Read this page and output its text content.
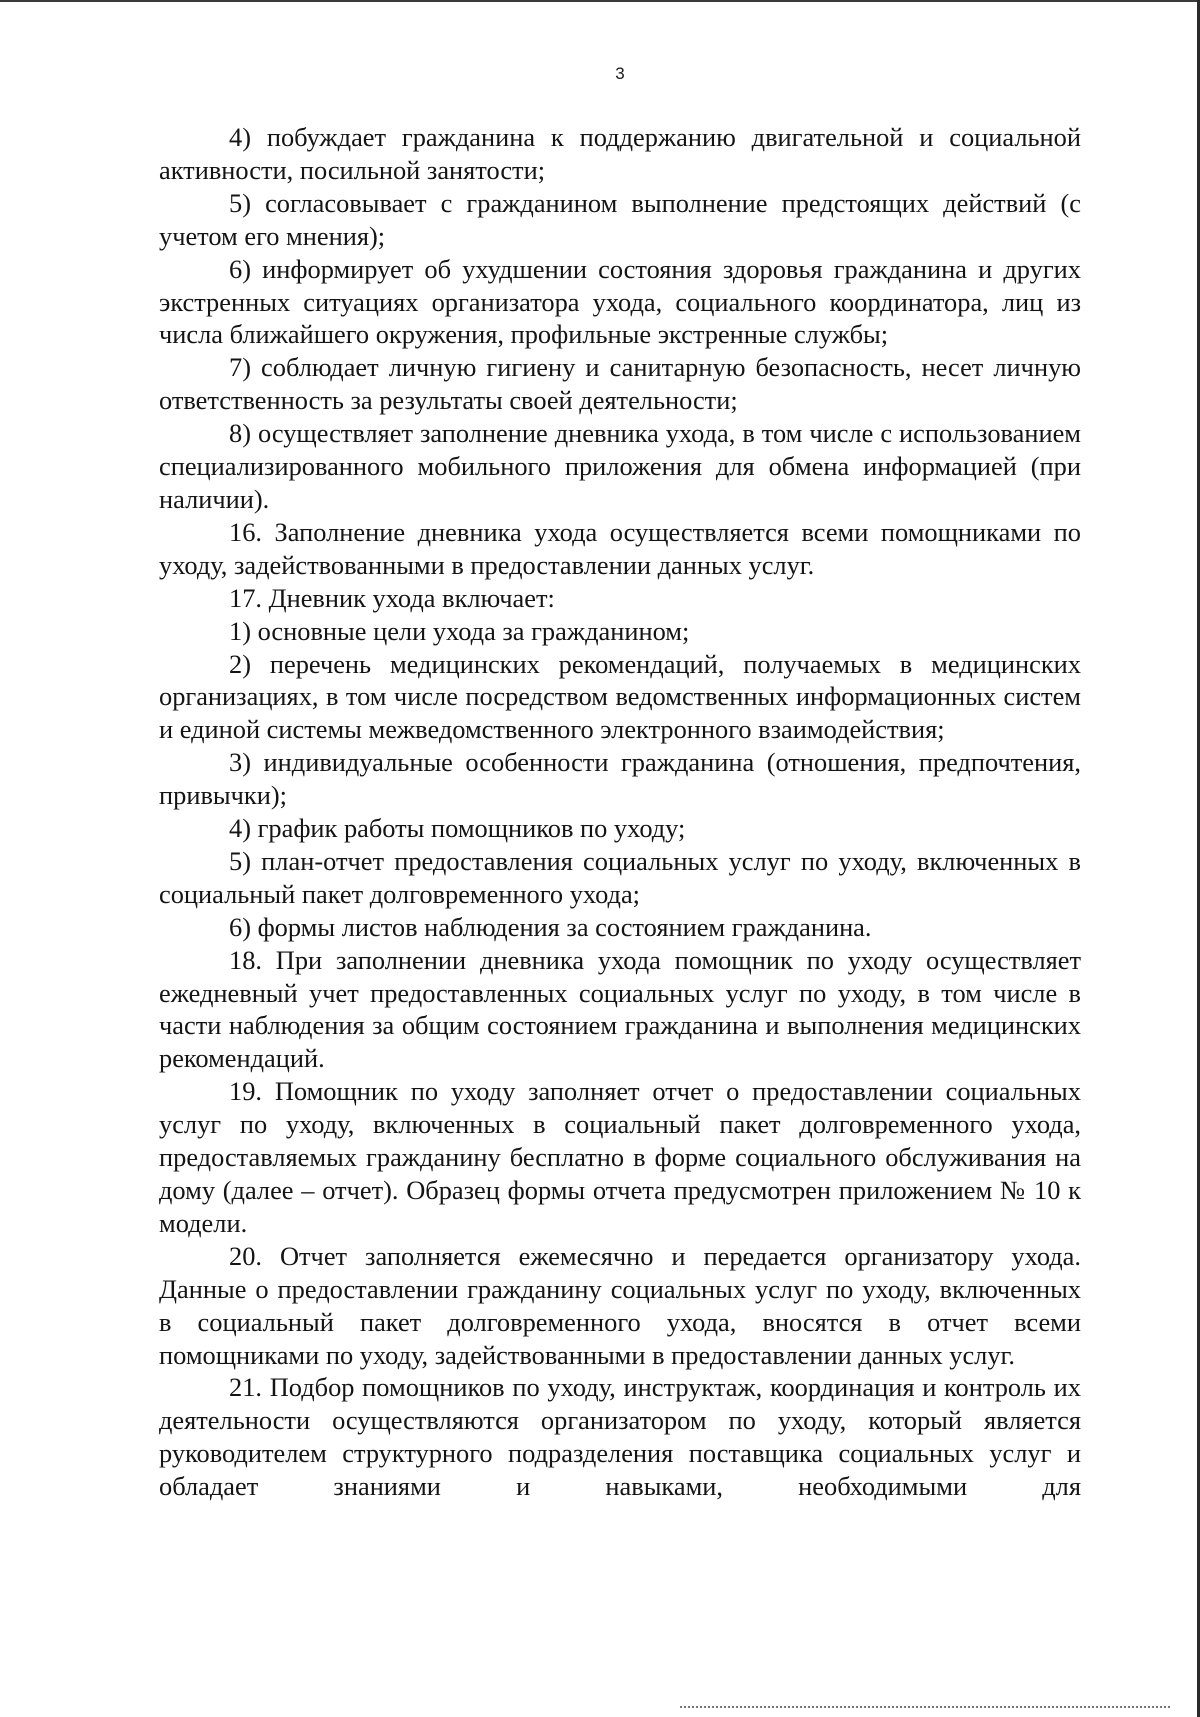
3

4) побуждает гражданина к поддержанию двигательной и социальной активности, посильной занятости;

5) согласовывает с гражданином выполнение предстоящих действий (с учетом его мнения);

6) информирует об ухудшении состояния здоровья гражданина и других экстренных ситуациях организатора ухода, социального координатора, лиц из числа ближайшего окружения, профильные экстренные службы;

7) соблюдает личную гигиену и санитарную безопасность, несет личную ответственность за результаты своей деятельности;

8) осуществляет заполнение дневника ухода, в том числе с использованием специализированного мобильного приложения для обмена информацией (при наличии).

16. Заполнение дневника ухода осуществляется всеми помощниками по уходу, задействованными в предоставлении данных услуг.

17. Дневник ухода включает:

1) основные цели ухода за гражданином;

2) перечень медицинских рекомендаций, получаемых в медицинских организациях, в том числе посредством ведомственных информационных систем и единой системы межведомственного электронного взаимодействия;

3) индивидуальные особенности гражданина (отношения, предпочтения, привычки);

4) график работы помощников по уходу;

5) план-отчет предоставления социальных услуг по уходу, включенных в социальный пакет долговременного ухода;

6) формы листов наблюдения за состоянием гражданина.

18. При заполнении дневника ухода помощник по уходу осуществляет ежедневный учет предоставленных социальных услуг по уходу, в том числе в части наблюдения за общим состоянием гражданина и выполнения медицинских рекомендаций.

19. Помощник по уходу заполняет отчет о предоставлении социальных услуг по уходу, включенных в социальный пакет долговременного ухода, предоставляемых гражданину бесплатно в форме социального обслуживания на дому (далее – отчет). Образец формы отчета предусмотрен приложением № 10 к модели.

20. Отчет заполняется ежемесячно и передается организатору ухода. Данные о предоставлении гражданину социальных услуг по уходу, включенных в социальный пакет долговременного ухода, вносятся в отчет всеми помощниками по уходу, задействованными в предоставлении данных услуг.

21. Подбор помощников по уходу, инструктаж, координация и контроль их деятельности осуществляются организатором по уходу, который является руководителем структурного подразделения поставщика социальных услуг и обладает знаниями и навыками, необходимыми для
